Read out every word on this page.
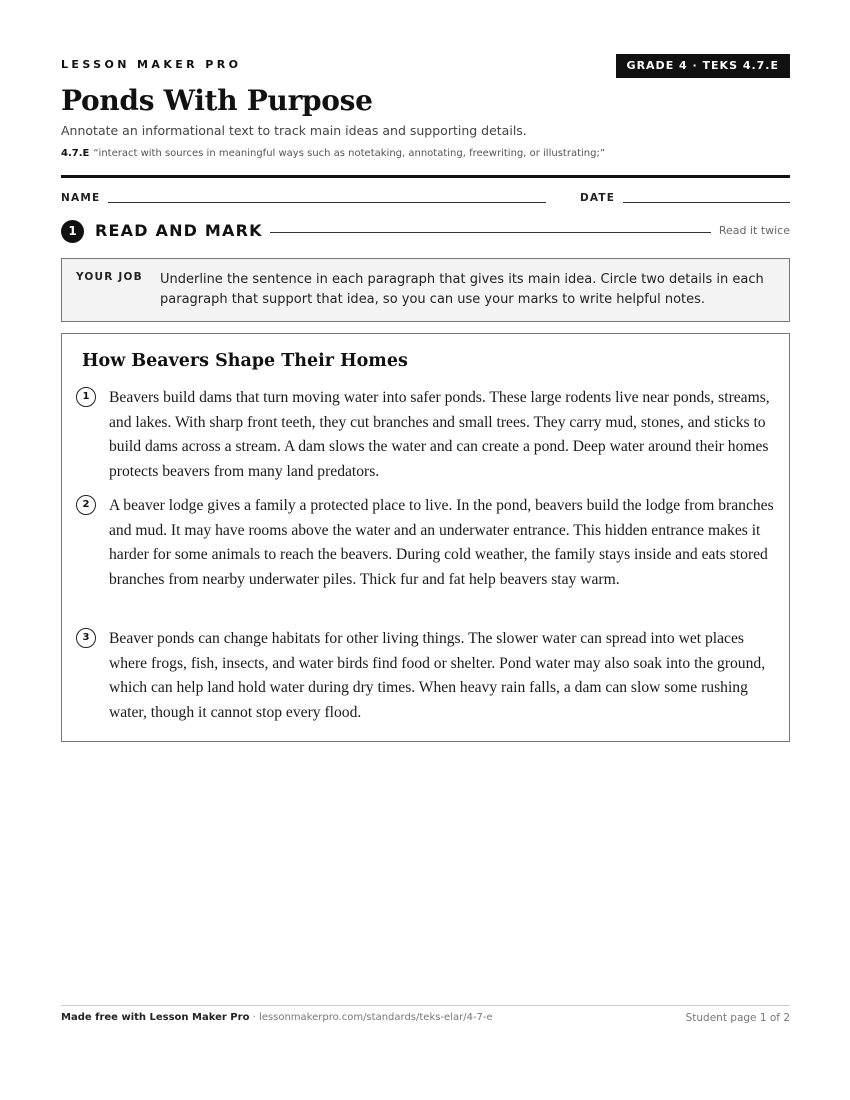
LESSON MAKER PRO	GRADE 4 · TEKS 4.7.E
Ponds With Purpose
Annotate an informational text to track main ideas and supporting details.
4.7.E “interact with sources in meaningful ways such as notetaking, annotating, freewriting, or illustrating;”
NAME	DATE
1	READ AND MARK	Read it twice
YOUR JOB Underline the sentence in each paragraph that gives its main idea. Circle two details in each paragraph that support that idea, so you can use your marks to write helpful notes.
How Beavers Shape Their Homes
1	Beavers build dams that turn moving water into safer ponds. These large rodents live near ponds, streams, and lakes. With sharp front teeth, they cut branches and small trees. They carry mud, stones, and sticks to build dams across a stream. A dam slows the water and can create a pond. Deep water around their homes protects beavers from many land predators.

2	A beaver lodge gives a family a protected place to live. In the pond, beavers build the lodge from branches and mud. It may have rooms above the water and an underwater entrance. This hidden entrance makes it harder for some animals to reach the beavers. During cold weather, the family stays inside and eats stored branches from nearby underwater piles. Thick fur and fat help beavers stay warm.

3	Beaver ponds can change habitats for other living things. The slower water can spread into wet places where frogs, fish, insects, and water birds find food or shelter. Pond water may also soak into the ground, which can help land hold water during dry times. When heavy rain falls, a dam can slow some rushing water, though it cannot stop every flood.

Made free with Lesson Maker Pro · lessonmakerpro.com/standards/teks-elar/4-7-e	Student page 1 of 2
